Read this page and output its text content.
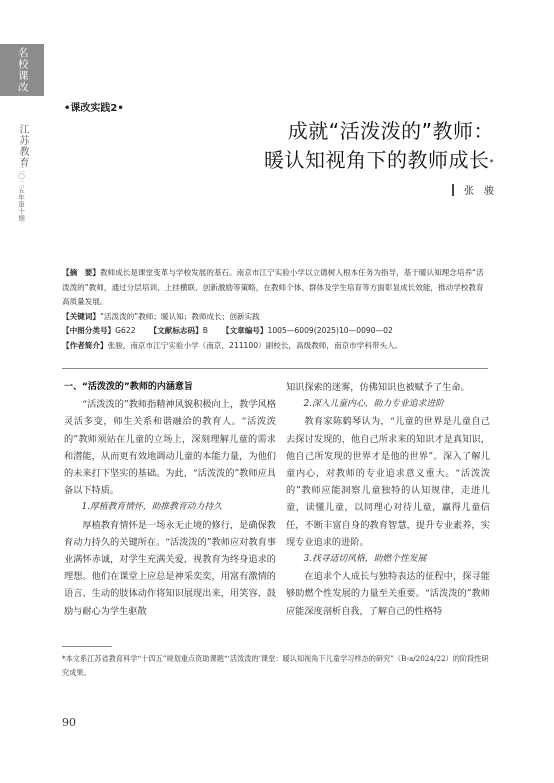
名校课改
江苏教育
二〇二五年第十期
•课改实践2•
成就“活泼泼的”教师：
暖认知视角下的教师成长*
张　骏

【摘　要】教师成长是课堂变革与学校发展的基石。南京市江宁实验小学以立德树人根本任务为指导，基于暖认知理念培养“活泼泼的”教师，通过分层培训、上挂横联、创新激励等策略，在教师个体、群体及学生培育等方面彰显成长效能，推动学校教育高质量发展。

【关键词】“活泼泼的”教师；暖认知；教师成长；创新实践

【中图分类号】G622 【文献标志码】B 【文章编号】1005—6009(2025)10—0090—02

【作者简介】张骏，南京市江宁实验小学（南京，211100）副校长，高级教师，南京市学科带头人。

一、“活泼泼的”教师的内涵意旨

“活泼泼的”教师指精神风貌积极向上，教学风格灵活多变，师生关系和谐融洽的教育人。“活泼泼的”教师须站在儿童的立场上，深刻理解儿童的需求和潜能，从而更有效地调动儿童的本能力量，为他们的未来打下坚实的基础。为此，“活泼泼的”教师应具备以下特质。

1.厚植教育情怀，助推教育动力持久

厚植教育情怀是一场永无止境的修行，是确保教育动力持久的关键所在。“活泼泼的”教师应对教育事业满怀赤诚，对学生充满关爱，视教育为终身追求的理想。他们在课堂上应总是神采奕奕，用富有激情的语言、生动的肢体动作将知识展现出来，用笑容、鼓励与耐心为学生驱散

知识探索的迷雾，仿佛知识也被赋予了生命。

2.深入儿童内心，助力专业追求进阶

教育家陈鹤琴认为，“儿童的世界是儿童自己去探讨发现的，他自己所求来的知识才是真知识，他自己所发现的世界才是他的世界”。深入了解儿童内心，对教师的专业追求意义重大。“活泼泼的”教师应能洞察儿童独特的认知规律，走进儿童，读懂儿童，以同理心对待儿童，赢得儿童信任，不断丰富自身的教育智慧，提升专业素养，实现专业追求的进阶。

3.找寻适切风格，助燃个性发展

在追求个人成长与独特表达的征程中，探寻能够助燃个性发展的力量至关重要。“活泼泼的”教师应能深度剖析自我，了解自己的性格特

*本文系江苏省教育科学“十四五”规划重点资助课题“‘活泼泼的’课堂：暖认知视角下儿童学习样态的研究”（B-a/2024/22）的阶段性研究成果。
90
